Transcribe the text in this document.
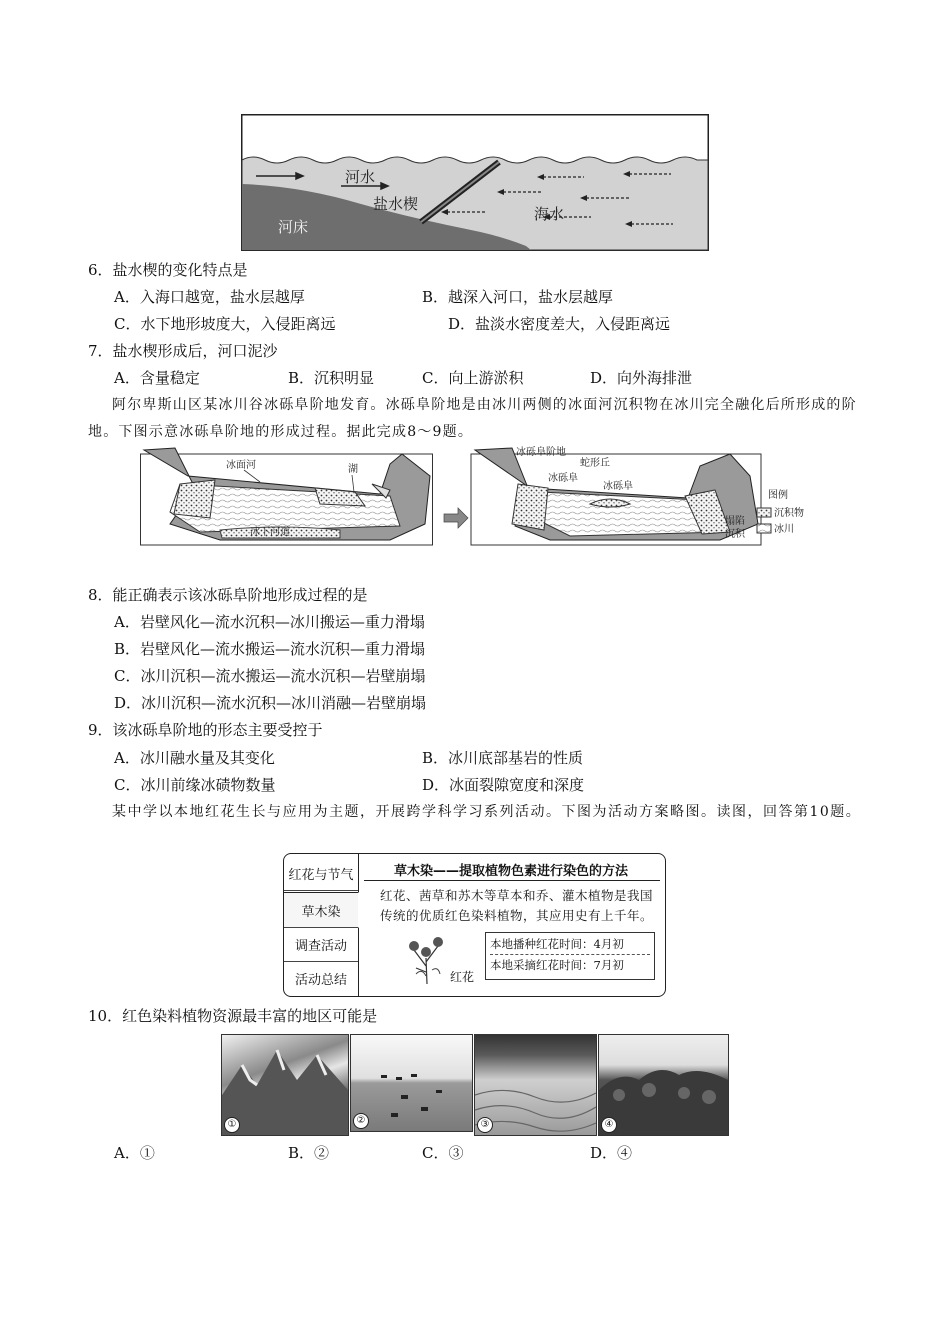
河水
盐水楔
海水
河床
6．盐水楔的变化特点是
A．入海口越宽，盐水层越厚	B．越深入河口，盐水层越厚
C．水下地形坡度大，入侵距离远	D．盐淡水密度差大，入侵距离远
7．盐水楔形成后，河口泥沙
A．含量稳定	B．沉积明显	C．向上游淤积	D．向外海排泄
阿尔卑斯山区某冰川谷冰砾阜阶地发育。冰砾阜阶地是由冰川两侧的冰面河沉积物在冰川完全融化后所形成的阶地。下图示意冰砾阜阶地的形成过程。据此完成8～9题。
冰面河	湖
冰下河道
冰砾阜阶地
蛇形丘
冰砾阜
冰砾阜
塌陷
沉积
图例
沉积物
冰川
8．能正确表示该冰砾阜阶地形成过程的是
A．岩壁风化—流水沉积—冰川搬运—重力滑塌
B．岩壁风化—流水搬运—流水沉积—重力滑塌
C．冰川沉积—流水搬运—流水沉积—岩壁崩塌
D．冰川沉积—流水沉积—冰川消融—岩壁崩塌
9．该冰砾阜阶地的形态主要受控于
A．冰川融水量及其变化	B．冰川底部基岩的性质
C．冰川前缘冰碛物数量	D．冰面裂隙宽度和深度
某中学以本地红花生长与应用为主题，开展跨学科学习系列活动。下图为活动方案略图。读图，回答第10题。
红花与节气
草木染
调查活动
活动总结
草木染——提取植物色素进行染色的方法
红花、茜草和苏木等草本和乔、灌木植物是我国传统的优质红色染料植物，其应用史有上千年。
红花
本地播种红花时间：4月初
本地采摘红花时间：7月初
10．红色染料植物资源最丰富的地区可能是
①	②	③	④
A．①	B．②	C．③	D．④
